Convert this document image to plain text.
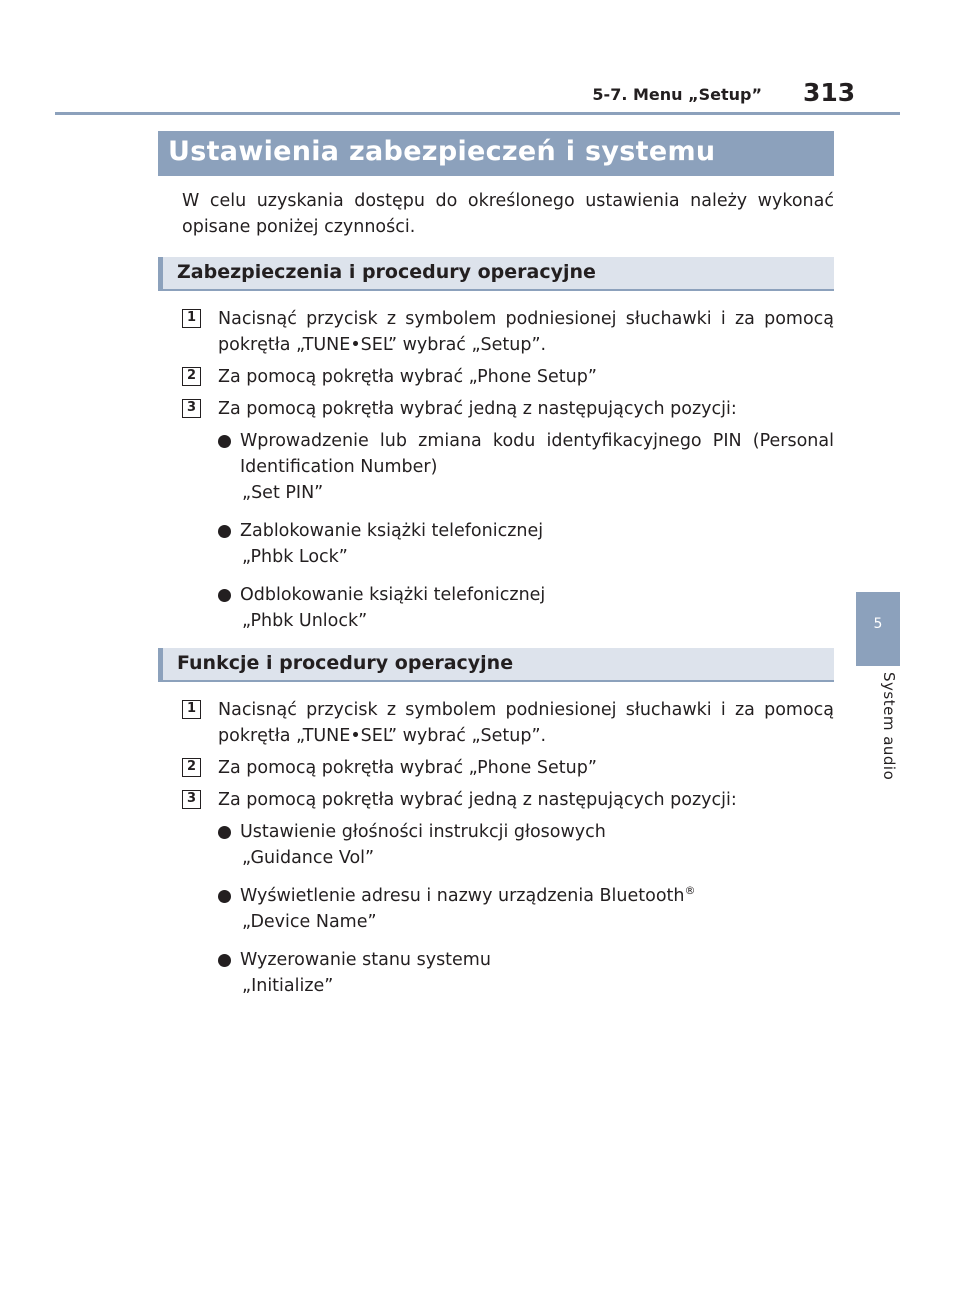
5-7. Menu „Setup” 313
5
System audio
Ustawienia zabezpieczeń i systemu
W celu uzyskania dostępu do określonego ustawienia należy wykonać opisane poniżej czynności.
Zabezpieczenia i procedury operacyjne
1 Nacisnąć przycisk z symbolem podniesionej słuchawki i za pomocą pokrętła „TUNE•SEL” wybrać „Setup”.
2 Za pomocą pokrętła wybrać „Phone Setup”
3 Za pomocą pokrętła wybrać jedną z następujących pozycji:
Wprowadzenie lub zmiana kodu identyfikacyjnego PIN (Personal Identification Number)
„Set PIN”
Zablokowanie książki telefonicznej
„Phbk Lock”
Odblokowanie książki telefonicznej
„Phbk Unlock”
Funkcje i procedury operacyjne
1 Nacisnąć przycisk z symbolem podniesionej słuchawki i za pomocą pokrętła „TUNE•SEL” wybrać „Setup”.
2 Za pomocą pokrętła wybrać „Phone Setup”
3 Za pomocą pokrętła wybrać jedną z następujących pozycji:
Ustawienie głośności instrukcji głosowych
„Guidance Vol”
Wyświetlenie adresu i nazwy urządzenia Bluetooth®
„Device Name”
Wyzerowanie stanu systemu
„Initialize”
